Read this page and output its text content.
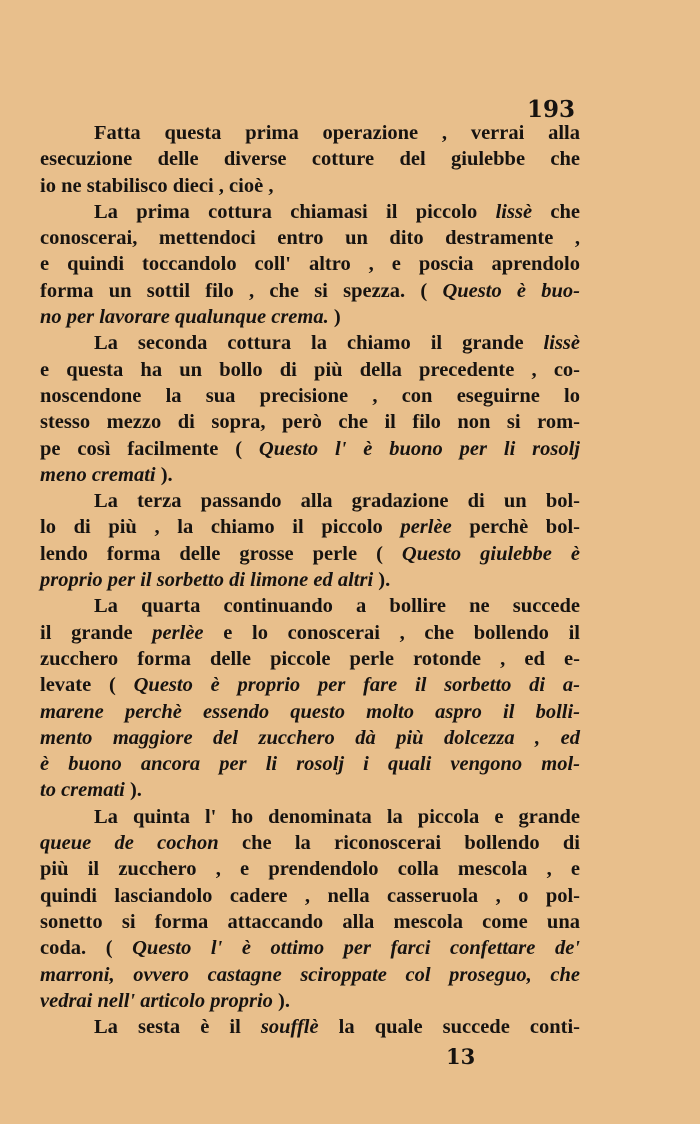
193
Fatta questa prima operazione , verrai alla
esecuzione delle diverse cotture del giulebbe che
io ne stabilisco dieci , cioè ,
La prima cottura chiamasi il piccolo lissè che
conoscerai, mettendoci entro un dito destramente ,
e quindi toccandolo coll' altro , e poscia aprendolo
forma un sottil filo , che si spezza. ( Questo è buo-
no per lavorare qualunque crema. )
La seconda cottura la chiamo il grande lissè
e questa ha un bollo di più della precedente , co-
noscendone la sua precisione , con eseguirne lo
stesso mezzo di sopra, però che il filo non si rom-
pe così facilmente ( Questo l' è buono per li rosolj
meno cremati ).
La terza passando alla gradazione di un bol-
lo di più , la chiamo il piccolo perlèe perchè bol-
lendo forma delle grosse perle ( Questo giulebbe è
proprio per il sorbetto di limone ed altri ).
La quarta continuando a bollire ne succede
il grande perlèe e lo conoscerai , che bollendo il
zucchero forma delle piccole perle rotonde , ed e-
levate ( Questo è proprio per fare il sorbetto di a-
marene perchè essendo questo molto aspro il bolli-
mento maggiore del zucchero dà più dolcezza , ed
è buono ancora per li rosolj i quali vengono mol-
to cremati ).
La quinta l' ho denominata la piccola e grande
queue de cochon che la riconoscerai bollendo di
più il zucchero , e prendendolo colla mescola , e
quindi lasciandolo cadere , nella casseruola , o pol-
sonetto si forma attaccando alla mescola come una
coda. ( Questo l' è ottimo per farci confettare de'
marroni, ovvero castagne sciroppate col proseguo, che
vedrai nell' articolo proprio ).
La sesta è il soufflè la quale succede conti-
13
